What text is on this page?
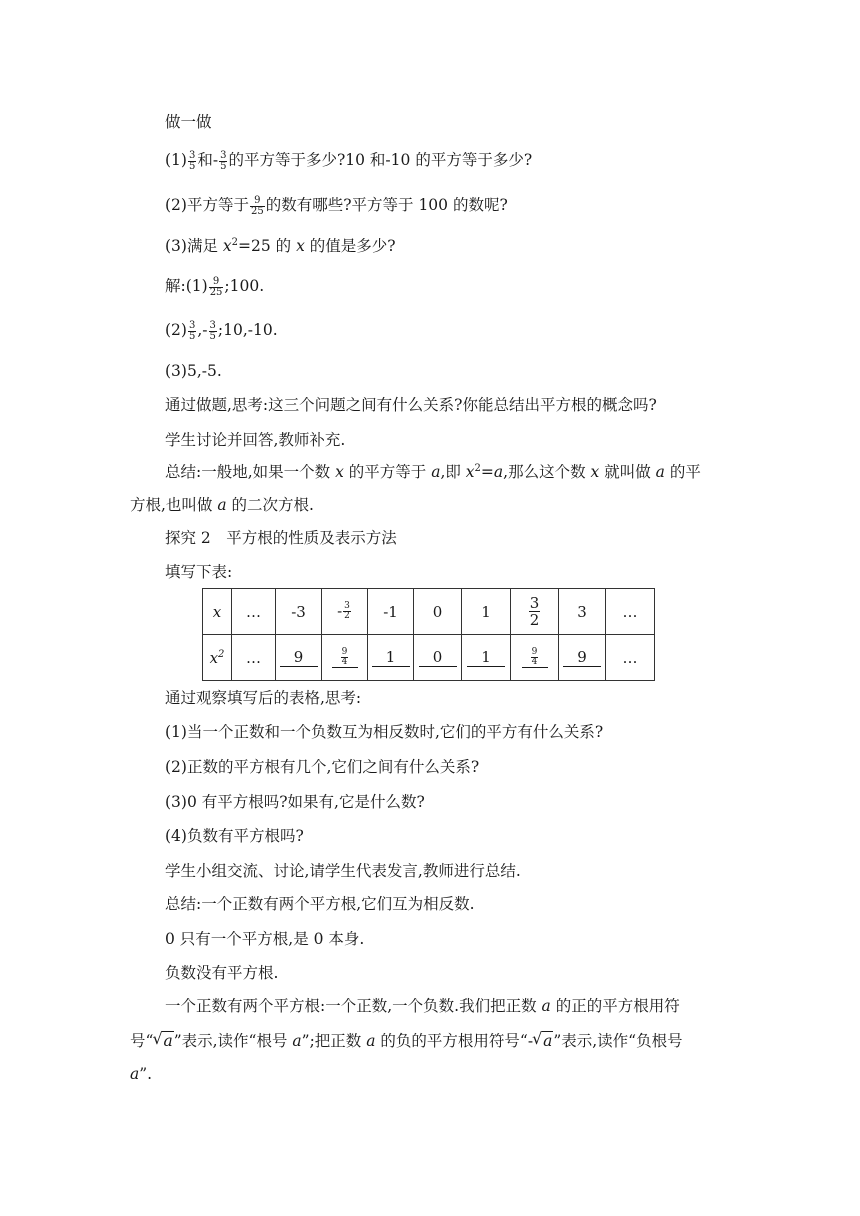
做一做
$(1) \frac{3}{5}$ 和- $\frac{3}{5}$ 的平方等于多少?10 和-10 的平方等于多少?
(2)平方等于 $\frac{9}{25}$ 的数有哪些?平方等于 100 的数呢?
(3)满足 $x^2=25$ 的 x 的值是多少?
解:(1) $\frac{9}{25}$ ;100.
$(2) \frac{3}{5}$ ,- $\frac{3}{5}$ ;10,-10.
(3)5,-5.
通过做题,思考:这三个问题之间有什么关系?你能总结出平方根的概念吗?
学生讨论并回答,教师补充.
总结:一般地,如果一个数 x 的平方等于 a,即 $x^2=a$,那么这个数 x 就叫做 a 的平
方根,也叫做 a 的二次方根.
探究 2　平方根的性质及表示方法
填写下表:
x	…	-3	- $\frac{3}{2}$	-1	0	1	$\frac{3}{2}$	3	…
$x^2$	…	9	$\frac{9}{4}$	1	0	1	$\frac{9}{4}$	9	…
通过观察填写后的表格,思考:
(1)当一个正数和一个负数互为相反数时,它们的平方有什么关系?
(2)正数的平方根有几个,它们之间有什么关系?
(3)0 有平方根吗?如果有,它是什么数?
(4)负数有平方根吗?
学生小组交流、讨论,请学生代表发言,教师进行总结.
总结:一个正数有两个平方根,它们互为相反数.
0 只有一个平方根,是 0 本身.
负数没有平方根.
一个正数有两个平方根:一个正数,一个负数.我们把正数 a 的正的平方根用符
号“ √ a”表示,读作“根号 a”;把正数 a 的负的平方根用符号“- √ a”表示,读作“负根号
a”.
